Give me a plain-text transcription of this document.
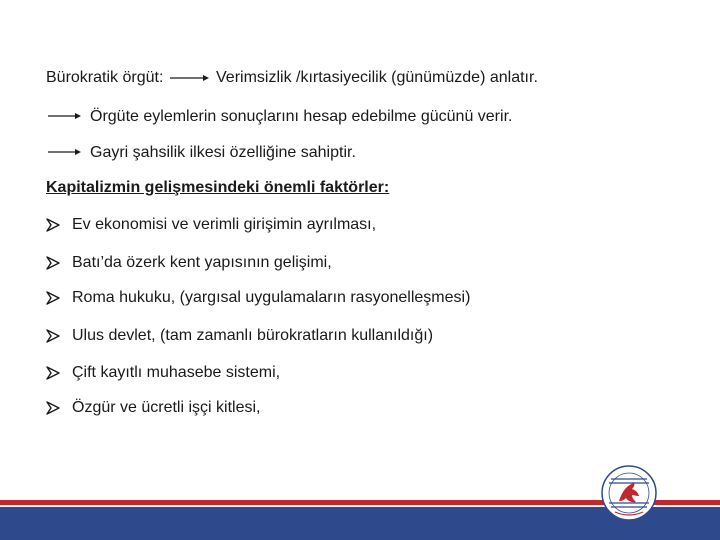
Bürokratik örgüt:	Verimsizlik /kırtasiyecilik (günümüzde) anlatır.
Örgüte eylemlerin sonuçlarını hesap edebilme gücünü verir.
Gayri şahsilik ilkesi özelliğine sahiptir.
Kapitalizmin gelişmesindeki önemli faktörler:
Ev ekonomisi ve verimli girişimin ayrılması,
Batı’da özerk kent yapısının gelişimi,
Roma hukuku, (yargısal uygulamaların rasyonelleşmesi)
Ulus devlet, (tam zamanlı bürokratların kullanıldığı)
Çift kayıtlı muhasebe sistemi,
Özgür ve ücretli işçi kitlesi,
